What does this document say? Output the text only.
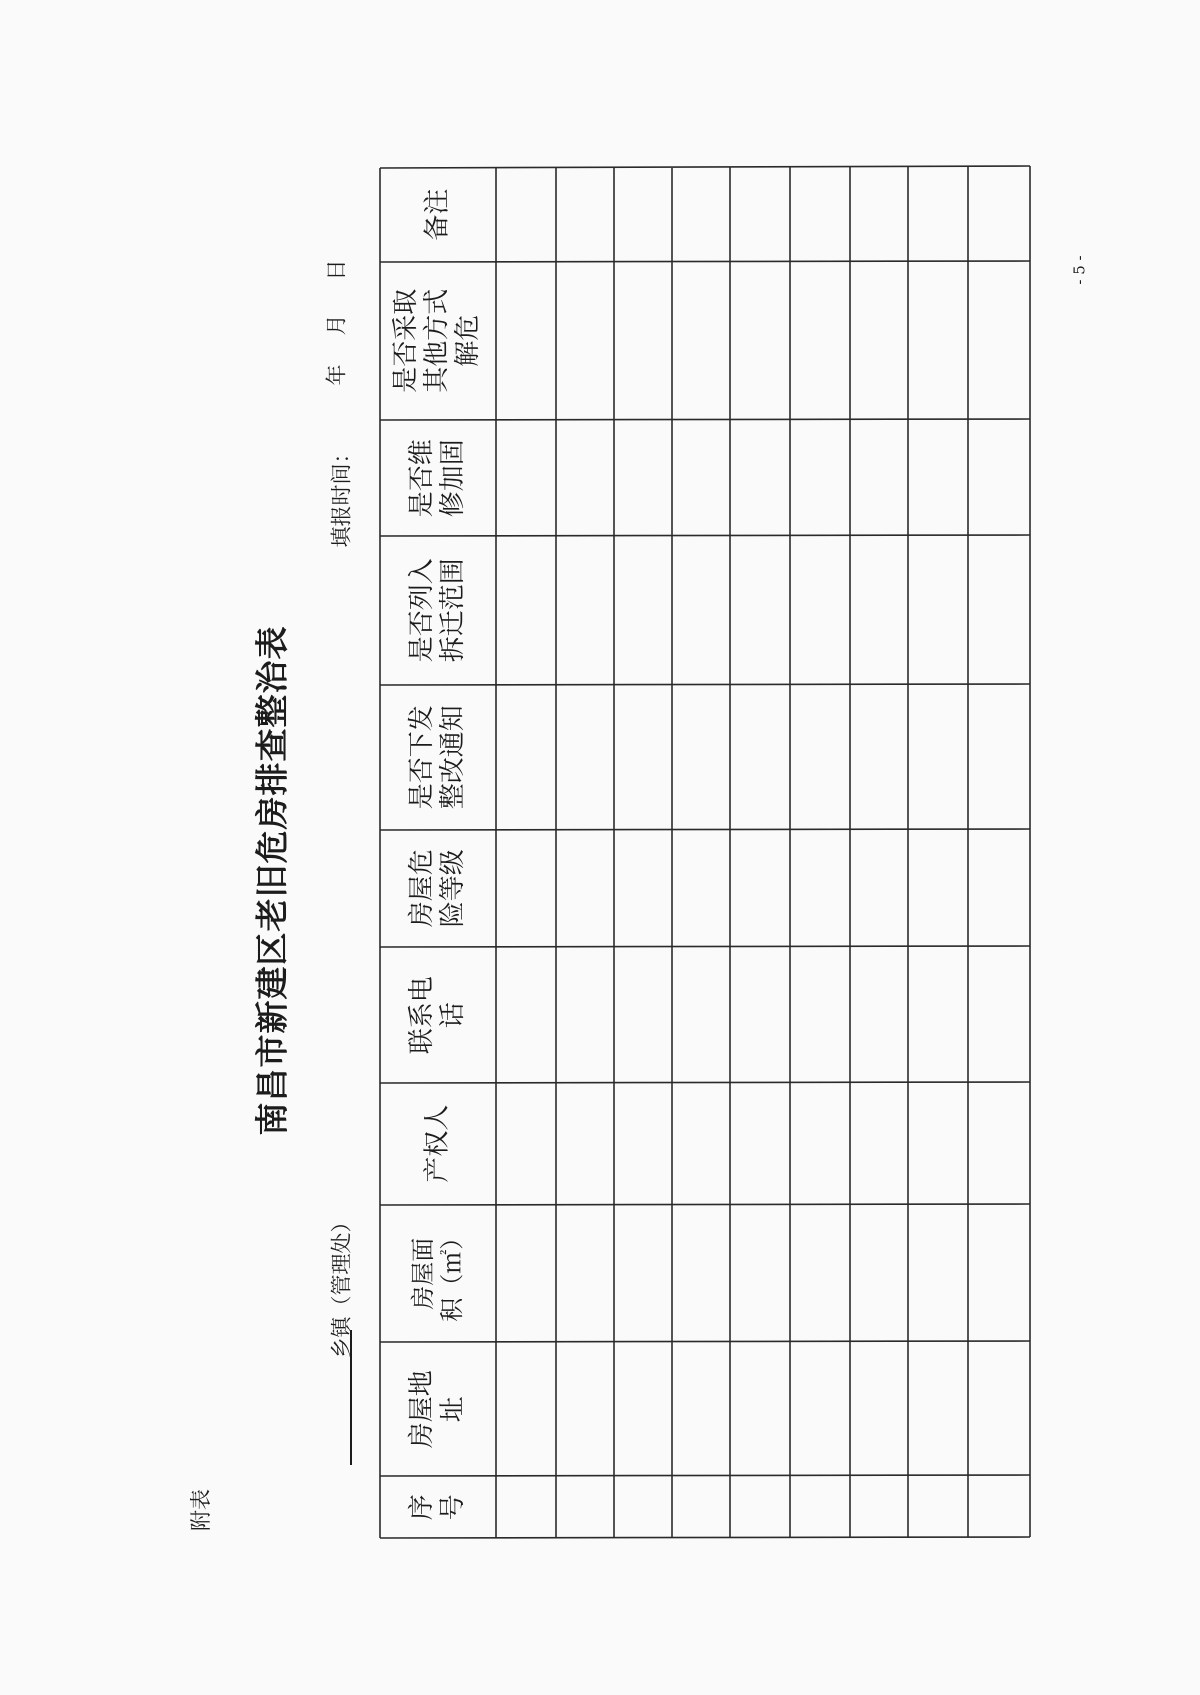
附表
南昌市新建区老旧危房排查整治表
乡镇（管理处）
填报时间：
年
月
日	- 5 -
序 号
房屋地 址
房屋面 积（㎡）
产权人
联系电 话
房屋危 险等级
是否下发 整改通知
是否列入 拆迁范围
是否维 修加固
是否采取 其他方式 解危
备注
